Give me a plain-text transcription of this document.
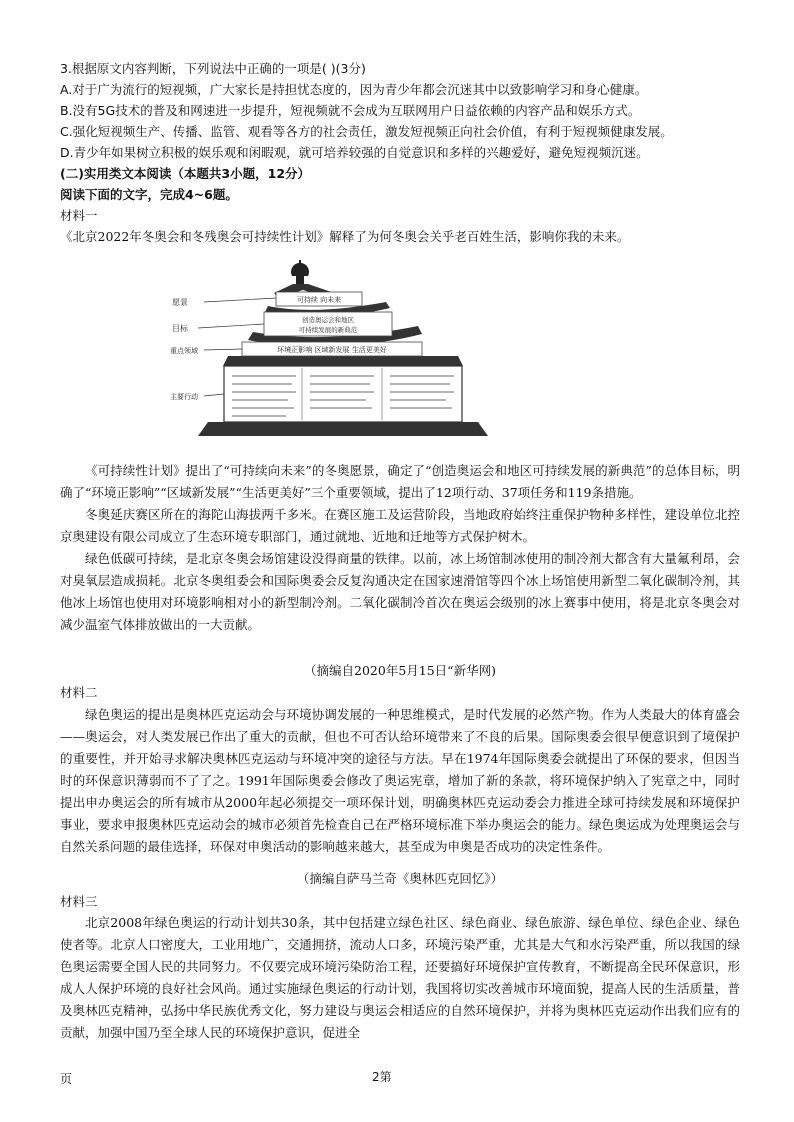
3.根据原文内容判断，下列说法中正确的一项是( )(3分)
A.对于广为流行的短视频，广大家长是持担忧态度的，因为青少年都会沉迷其中以致影响学习和身心健康。
B.没有5G技术的普及和网速进一步提升，短视频就不会成为互联网用户日益依赖的内容产品和娱乐方式。
C.强化短视频生产、传播、监管、观看等各方的社会责任，激发短视频正向社会价值，有利于短视频健康发展。
D.青少年如果树立积极的娱乐观和闲暇观，就可培养较强的自觉意识和多样的兴趣爱好，避免短视频沉迷。
(二)实用类文本阅读（本题共3小题，12分）
阅读下面的文字，完成4~6题。
材料一
《北京2022年冬奥会和冬残奥会可持续性计划》解释了为何冬奥会关乎老百姓生活，影响你我的未来。
愿景
目标
重点领域
主要行动
可持续 向未来
创造奥运会和地区
可持续发展的新典范
环境正影响 区域新发展 生活更美好

《可持续性计划》提出了“可持续向未来”的冬奥愿景，确定了“创造奥运会和地区可持续发展的新典范”的总体目标，明确了“环境正影响”“区域新发展”“生活更美好”三个重要领域，提出了12项行动、37项任务和119条措施。

冬奥延庆赛区所在的海陀山海拔两千多米。在赛区施工及运营阶段，当地政府始终注重保护物种多样性，建设单位北控京奥建设有限公司成立了生态环境专职部门，通过就地、近地和迁地等方式保护树木。

绿色低碳可持续，是北京冬奥会场馆建设没得商量的铁律。以前，冰上场馆制冰使用的制冷剂大都含有大量氟利昂，会对臭氧层造成损耗。北京冬奥组委会和国际奥委会反复沟通决定在国家速滑馆等四个冰上场馆使用新型二氧化碳制冷剂，其他冰上场馆也使用对环境影响相对小的新型制冷剂。二氧化碳制冷首次在奥运会级别的冰上赛事中使用，将是北京冬奥会对减少温室气体排放做出的一大贡献。

（摘编自2020年5月15日“新华网)
材料二

绿色奥运的提出是奥林匹克运动会与环境协调发展的一种思维模式，是时代发展的必然产物。作为人类最大的体育盛会——奥运会，对人类发展已作出了重大的贡献，但也不可否认给环境带来了不良的后果。国际奥委会很早便意识到了境保护的重要性，并开始寻求解决奥林匹克运动与环境冲突的途径与方法。早在1974年国际奥委会就提出了环保的要求，但因当时的环保意识薄弱而不了了之。1991年国际奥委会修改了奥运宪章，增加了新的条款，将环境保护纳入了宪章之中，同时提出申办奥运会的所有城市从2000年起必须提交一项环保计划，明确奥林匹克运动委会力推进全球可持续发展和环境保护事业，要求申报奥林匹克运动会的城市必须首先检查自己在严格环境标准下举办奥运会的能力。绿色奥运成为处理奥运会与自然关系问题的最佳选择，环保对申奥活动的影响越来越大，甚至成为申奥是否成功的决定性条件。

（摘编自萨马兰奇《奥林匹克回忆》）
材料三

北京2008年绿色奥运的行动计划共30条，其中包括建立绿色社区、绿色商业、绿色旅游、绿色单位、绿色企业、绿色使者等。北京人口密度大，工业用地广，交通拥挤，流动人口多，环境污染严重，尤其是大气和水污染严重，所以我国的绿色奥运需要全国人民的共同努力。不仅要完成环境污染防治工程，还要搞好环境保护宣传教育，不断提高全民环保意识，形成人人保护环境的良好社会风尚。通过实施绿色奥运的行动计划，我国将切实改善城市环境面貌，提高人民的生活质量，普及奥林匹克精神，弘扬中华民族优秀文化，努力建设与奥运会相适应的自然环境保护，并将为奥林匹克运动作出我们应有的贡献，加强中国乃至全球人民的环境保护意识，促进全

页	2第
